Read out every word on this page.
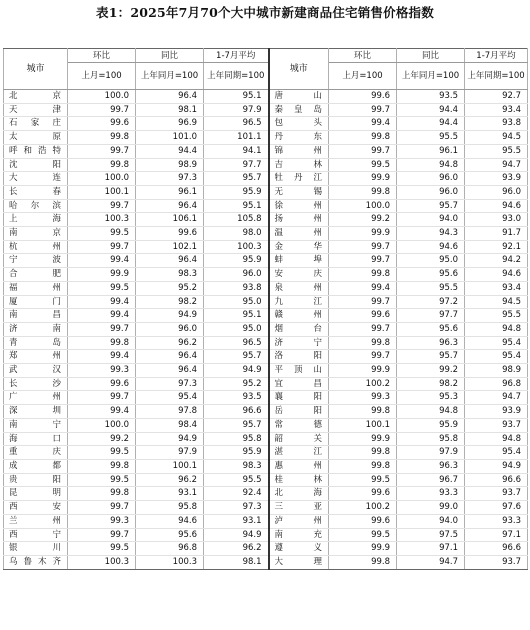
表1：2025年7月70个大中城市新建商品住宅销售价格指数
城市	环比	同比	1-7月平均	城市	环比	同比	1-7月平均
	上月=100	上年同月=100	上年同期=100		上月=100	上年同月=100	上年同期=100
北京	100.0	96.4	95.1	唐山	99.6	93.5	92.7
天津	99.7	98.1	97.9	秦皇岛	99.7	94.4	93.4
石家庄	99.6	96.9	96.5	包头	99.4	94.4	93.8
太原	99.8	101.0	101.1	丹东	99.8	95.5	94.5
呼和浩特	99.7	94.4	94.1	锦州	99.7	96.1	95.5
沈阳	99.8	98.9	97.7	吉林	99.5	94.8	94.7
大连	100.0	97.3	95.7	牡丹江	99.9	96.0	93.9
长春	100.1	96.1	95.9	无锡	99.8	96.0	96.0
哈尔滨	99.7	96.4	95.1	徐州	100.0	95.7	94.6
上海	100.3	106.1	105.8	扬州	99.2	94.0	93.0
南京	99.5	99.6	98.0	温州	99.9	94.3	91.7
杭州	99.7	102.1	100.3	金华	99.7	94.6	92.1
宁波	99.4	96.4	95.9	蚌埠	99.7	95.0	94.2
合肥	99.9	98.3	96.0	安庆	99.8	95.6	94.6
福州	99.5	95.2	93.8	泉州	99.4	95.5	93.4
厦门	99.4	98.2	95.0	九江	99.7	97.2	94.5
南昌	99.4	94.9	95.1	赣州	99.6	97.7	95.5
济南	99.7	96.0	95.0	烟台	99.7	95.6	94.8
青岛	99.8	96.2	96.5	济宁	99.8	96.3	95.4
郑州	99.4	96.4	95.7	洛阳	99.7	95.7	95.4
武汉	99.3	96.4	94.9	平顶山	99.9	99.2	98.9
长沙	99.6	97.3	95.2	宜昌	100.2	98.2	96.8
广州	99.7	95.4	93.5	襄阳	99.3	95.3	94.7
深圳	99.4	97.8	96.6	岳阳	99.8	94.8	93.9
南宁	100.0	98.4	95.7	常德	100.1	95.9	93.7
海口	99.2	94.9	95.8	韶关	99.9	95.8	94.8
重庆	99.5	97.9	95.9	湛江	99.8	97.9	95.4
成都	99.8	100.1	98.3	惠州	99.8	96.3	94.9
贵阳	99.5	96.2	95.5	桂林	99.5	96.7	96.6
昆明	99.8	93.1	92.4	北海	99.6	93.3	93.7
西安	99.7	95.8	97.3	三亚	100.2	99.0	97.6
兰州	99.3	94.6	93.1	泸州	99.6	94.0	93.3
西宁	99.7	95.6	94.9	南充	99.5	97.5	97.1
银川	99.5	96.8	96.2	遵义	99.9	97.1	96.6
乌鲁木齐	100.3	100.3	98.1	大理	99.8	94.7	93.7
